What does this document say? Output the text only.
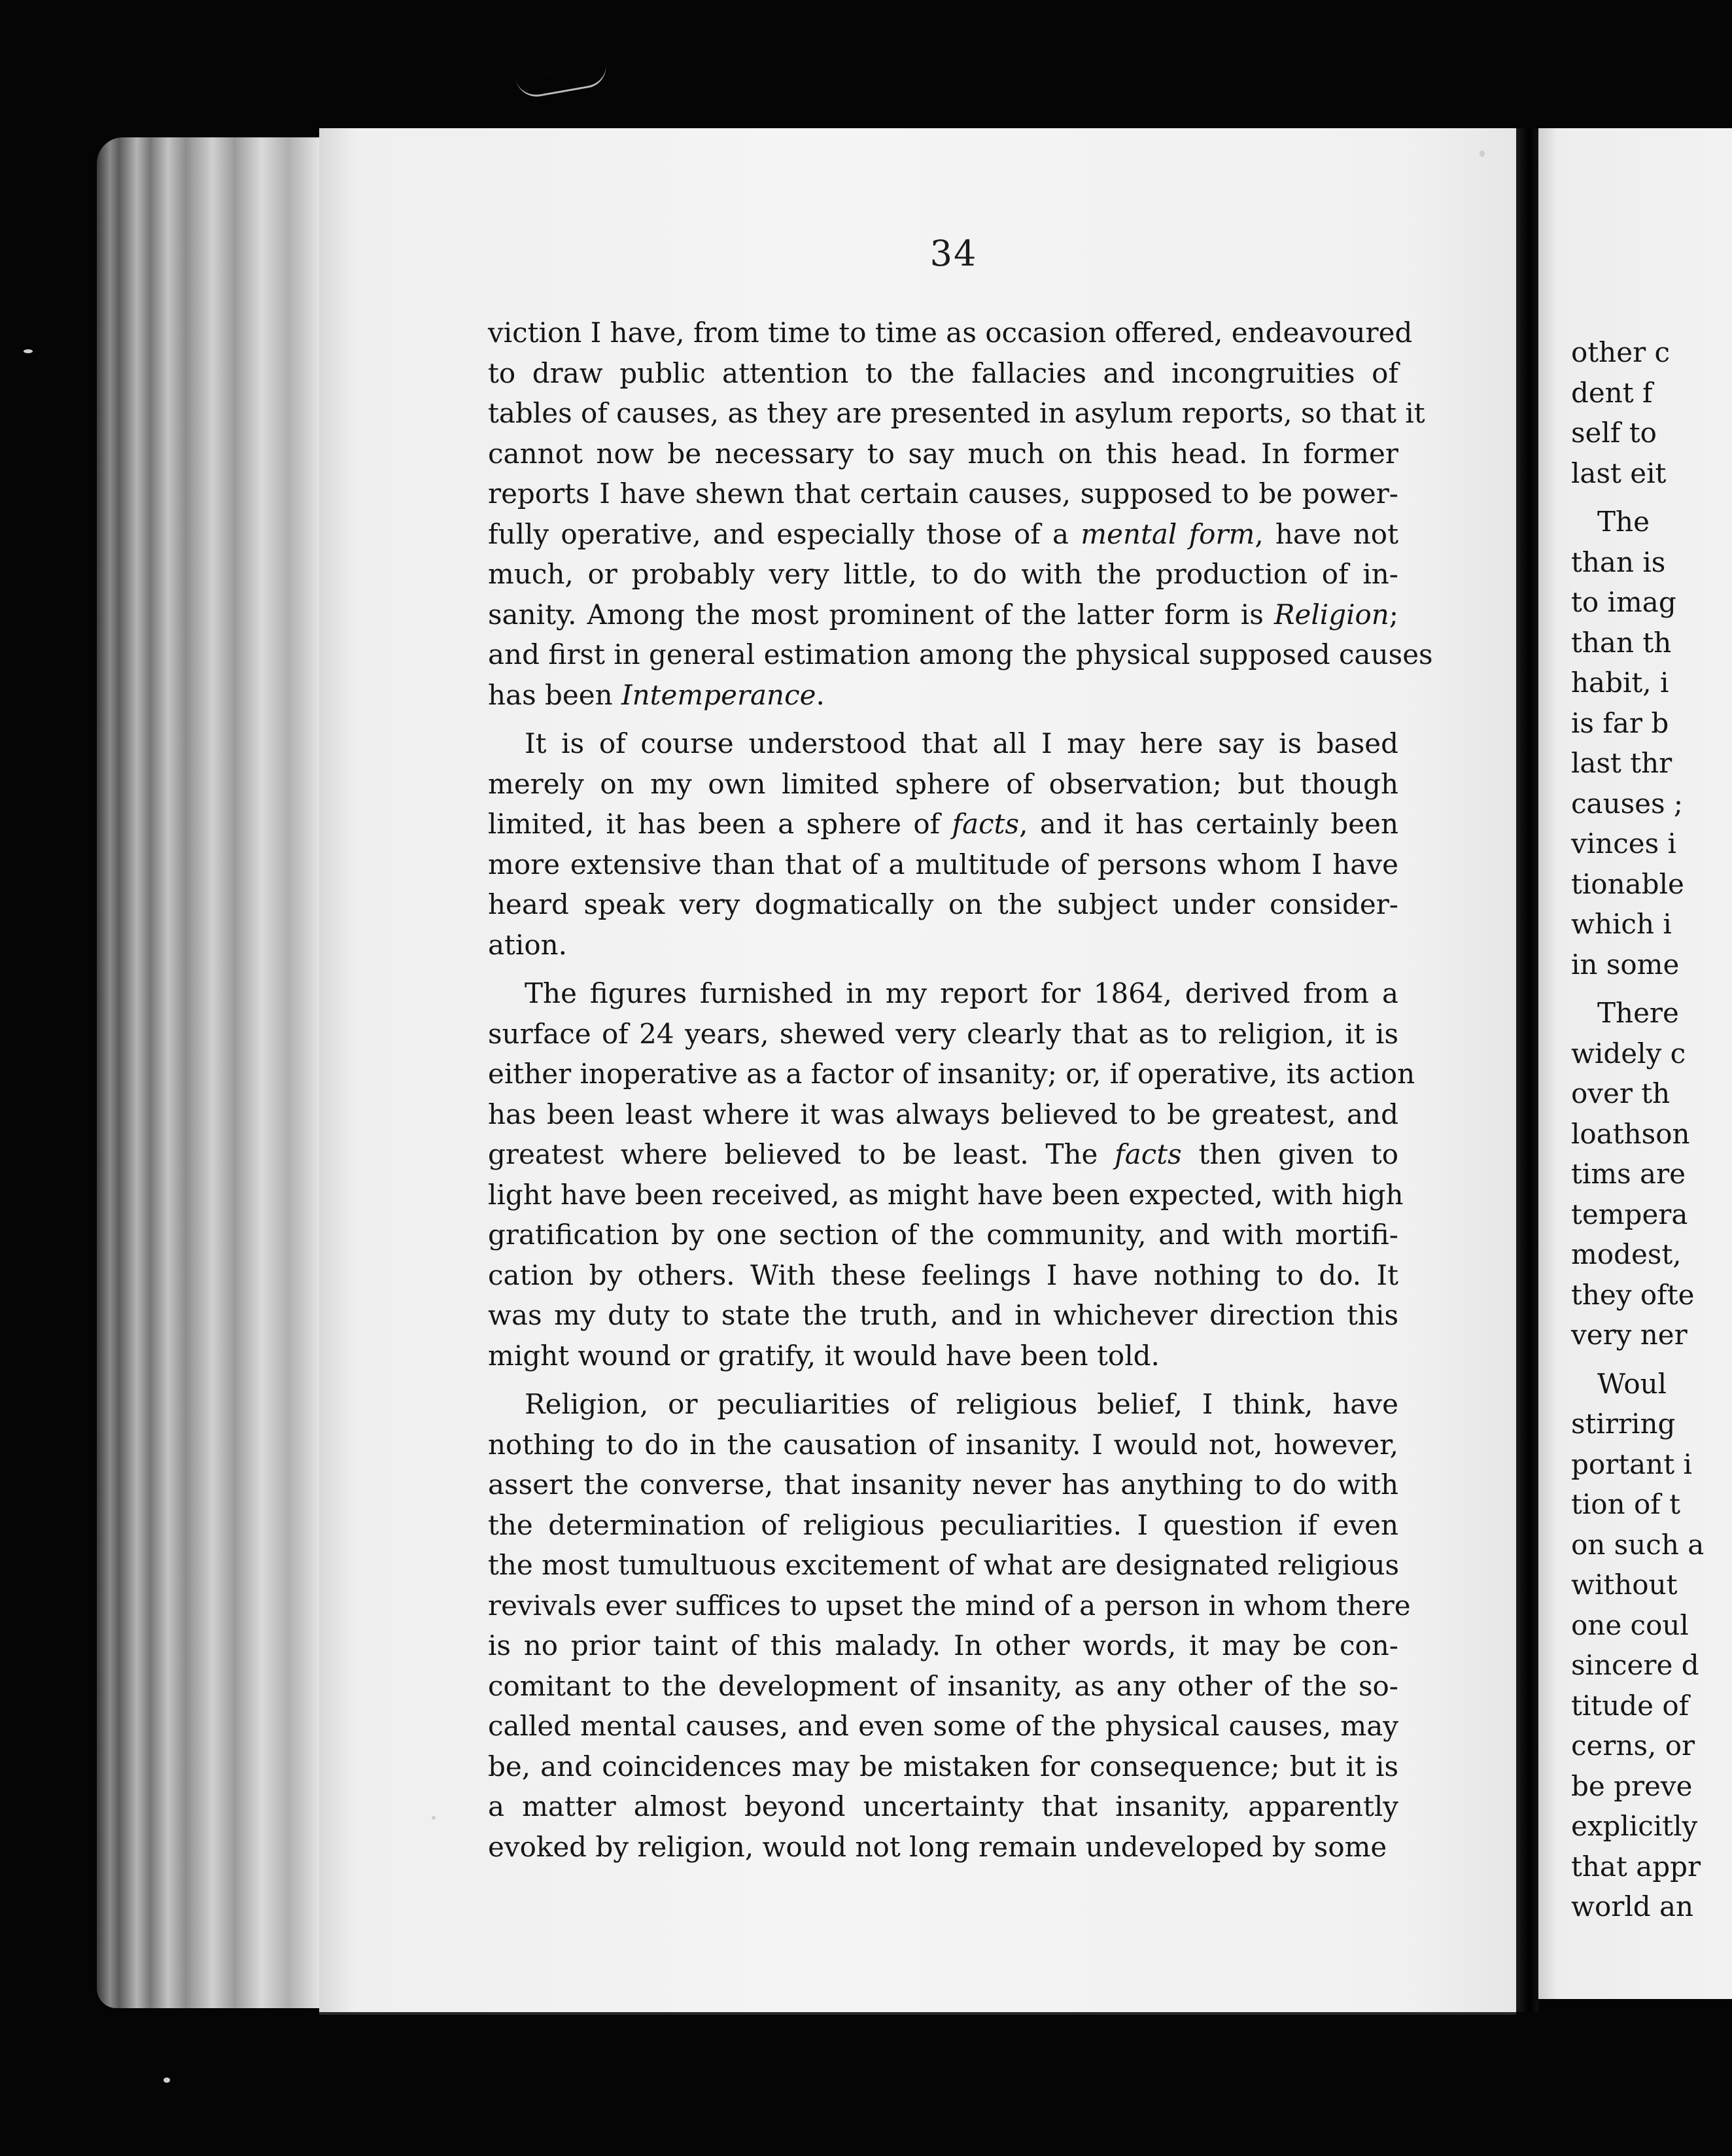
other c
dent f
self to
last eit
The
than is
to imag
than th
habit, i
is far b
last thr
causes ;
vinces i
tionable
which i
in some
There
widely c
over th
loathson
tims are
tempera
modest,
they ofte
very ner
Woul
stirring
portant i
tion of t
on such a
without
one coul
sincere d
titude of
cerns, or
be preve
explicitly
that appr
world an
34

viction I have, from time to time as occasion offered, endeavoured
to draw public attention to the fallacies and incongruities of
tables of causes, as they are presented in asylum reports, so that it
cannot now be necessary to say much on this head. In former
reports I have shewn that certain causes, supposed to be power-
fully operative, and especially those of a mental form, have not
much, or probably very little, to do with the production of in-
sanity. Among the most prominent of the latter form is Religion;
and first in general estimation among the physical supposed causes
has been Intemperance.

It is of course understood that all I may here say is based
merely on my own limited sphere of observation; but though
limited, it has been a sphere of facts, and it has certainly been
more extensive than that of a multitude of persons whom I have
heard speak very dogmatically on the subject under consider-
ation.

The figures furnished in my report for 1864, derived from a
surface of 24 years, shewed very clearly that as to religion, it is
either inoperative as a factor of insanity; or, if operative, its action
has been least where it was always believed to be greatest, and
greatest where believed to be least. The facts then given to
light have been received, as might have been expected, with high
gratification by one section of the community, and with mortifi-
cation by others. With these feelings I have nothing to do. It
was my duty to state the truth, and in whichever direction this
might wound or gratify, it would have been told.

Religion, or peculiarities of religious belief, I think, have
nothing to do in the causation of insanity. I would not, however,
assert the converse, that insanity never has anything to do with
the determination of religious peculiarities. I question if even
the most tumultuous excitement of what are designated religious
revivals ever suffices to upset the mind of a person in whom there
is no prior taint of this malady. In other words, it may be con-
comitant to the development of insanity, as any other of the so-
called mental causes, and even some of the physical causes, may
be, and coincidences may be mistaken for consequence; but it is
a matter almost beyond uncertainty that insanity, apparently
evoked by religion, would not long remain undeveloped by some
